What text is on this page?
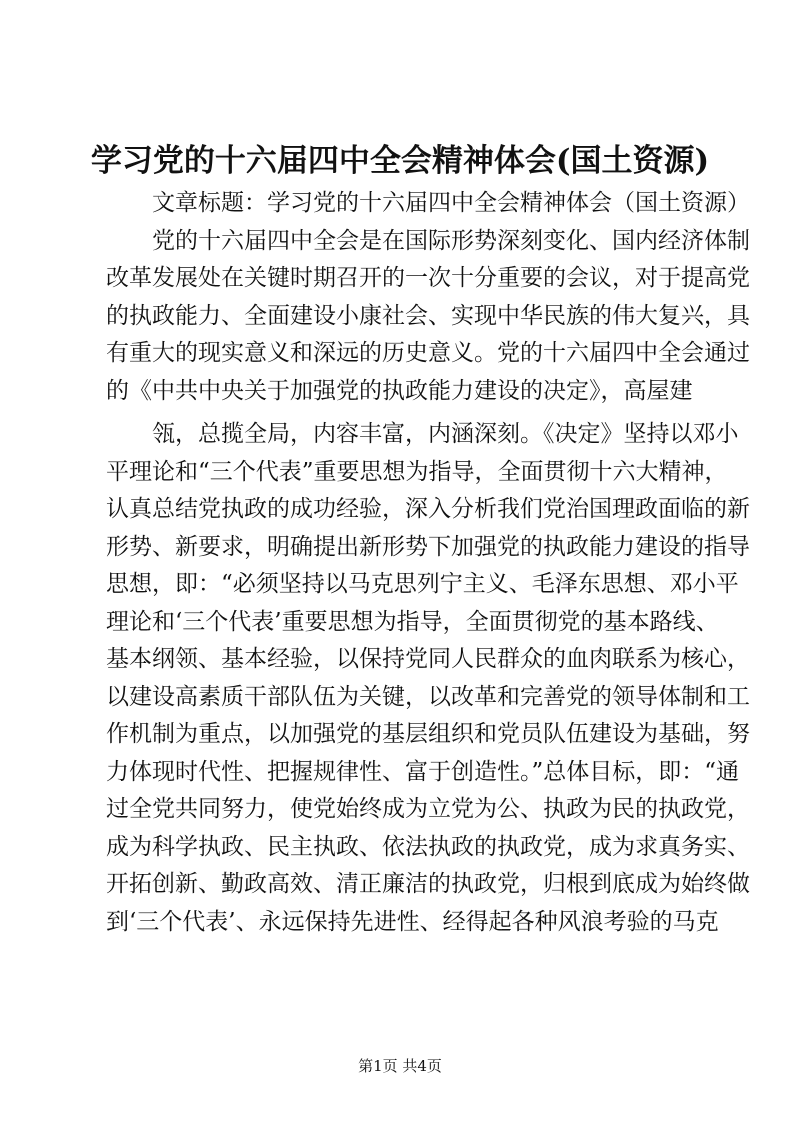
学习党的十六届四中全会精神体会(国土资源)
文章标题：学习党的十六届四中全会精神体会（国土资源）
党的十六届四中全会是在国际形势深刻变化、国内经济体制
改革发展处在关键时期召开的一次十分重要的会议，对于提高党
的执政能力、全面建设小康社会、实现中华民族的伟大复兴，具
有重大的现实意义和深远的历史意义。党的十六届四中全会通过
的《中共中央关于加强党的执政能力建设的决定》，高屋建
瓴，总揽全局，内容丰富，内涵深刻。《决定》坚持以邓小
平理论和“三个代表”重要思想为指导，全面贯彻十六大精神，
认真总结党执政的成功经验，深入分析我们党治国理政面临的新
形势、新要求，明确提出新形势下加强党的执政能力建设的指导
思想，即：“必须坚持以马克思列宁主义、毛泽东思想、邓小平
理论和‘三个代表’重要思想为指导，全面贯彻党的基本路线、
基本纲领、基本经验，以保持党同人民群众的血肉联系为核心，
以建设高素质干部队伍为关键，以改革和完善党的领导体制和工
作机制为重点，以加强党的基层组织和党员队伍建设为基础，努
力体现时代性、把握规律性、富于创造性。”总体目标，即：“通
过全党共同努力，使党始终成为立党为公、执政为民的执政党，
成为科学执政、民主执政、依法执政的执政党，成为求真务实、
开拓创新、勤政高效、清正廉洁的执政党，归根到底成为始终做
到‘三个代表’、永远保持先进性、经得起各种风浪考验的马克
第1页 共4页
